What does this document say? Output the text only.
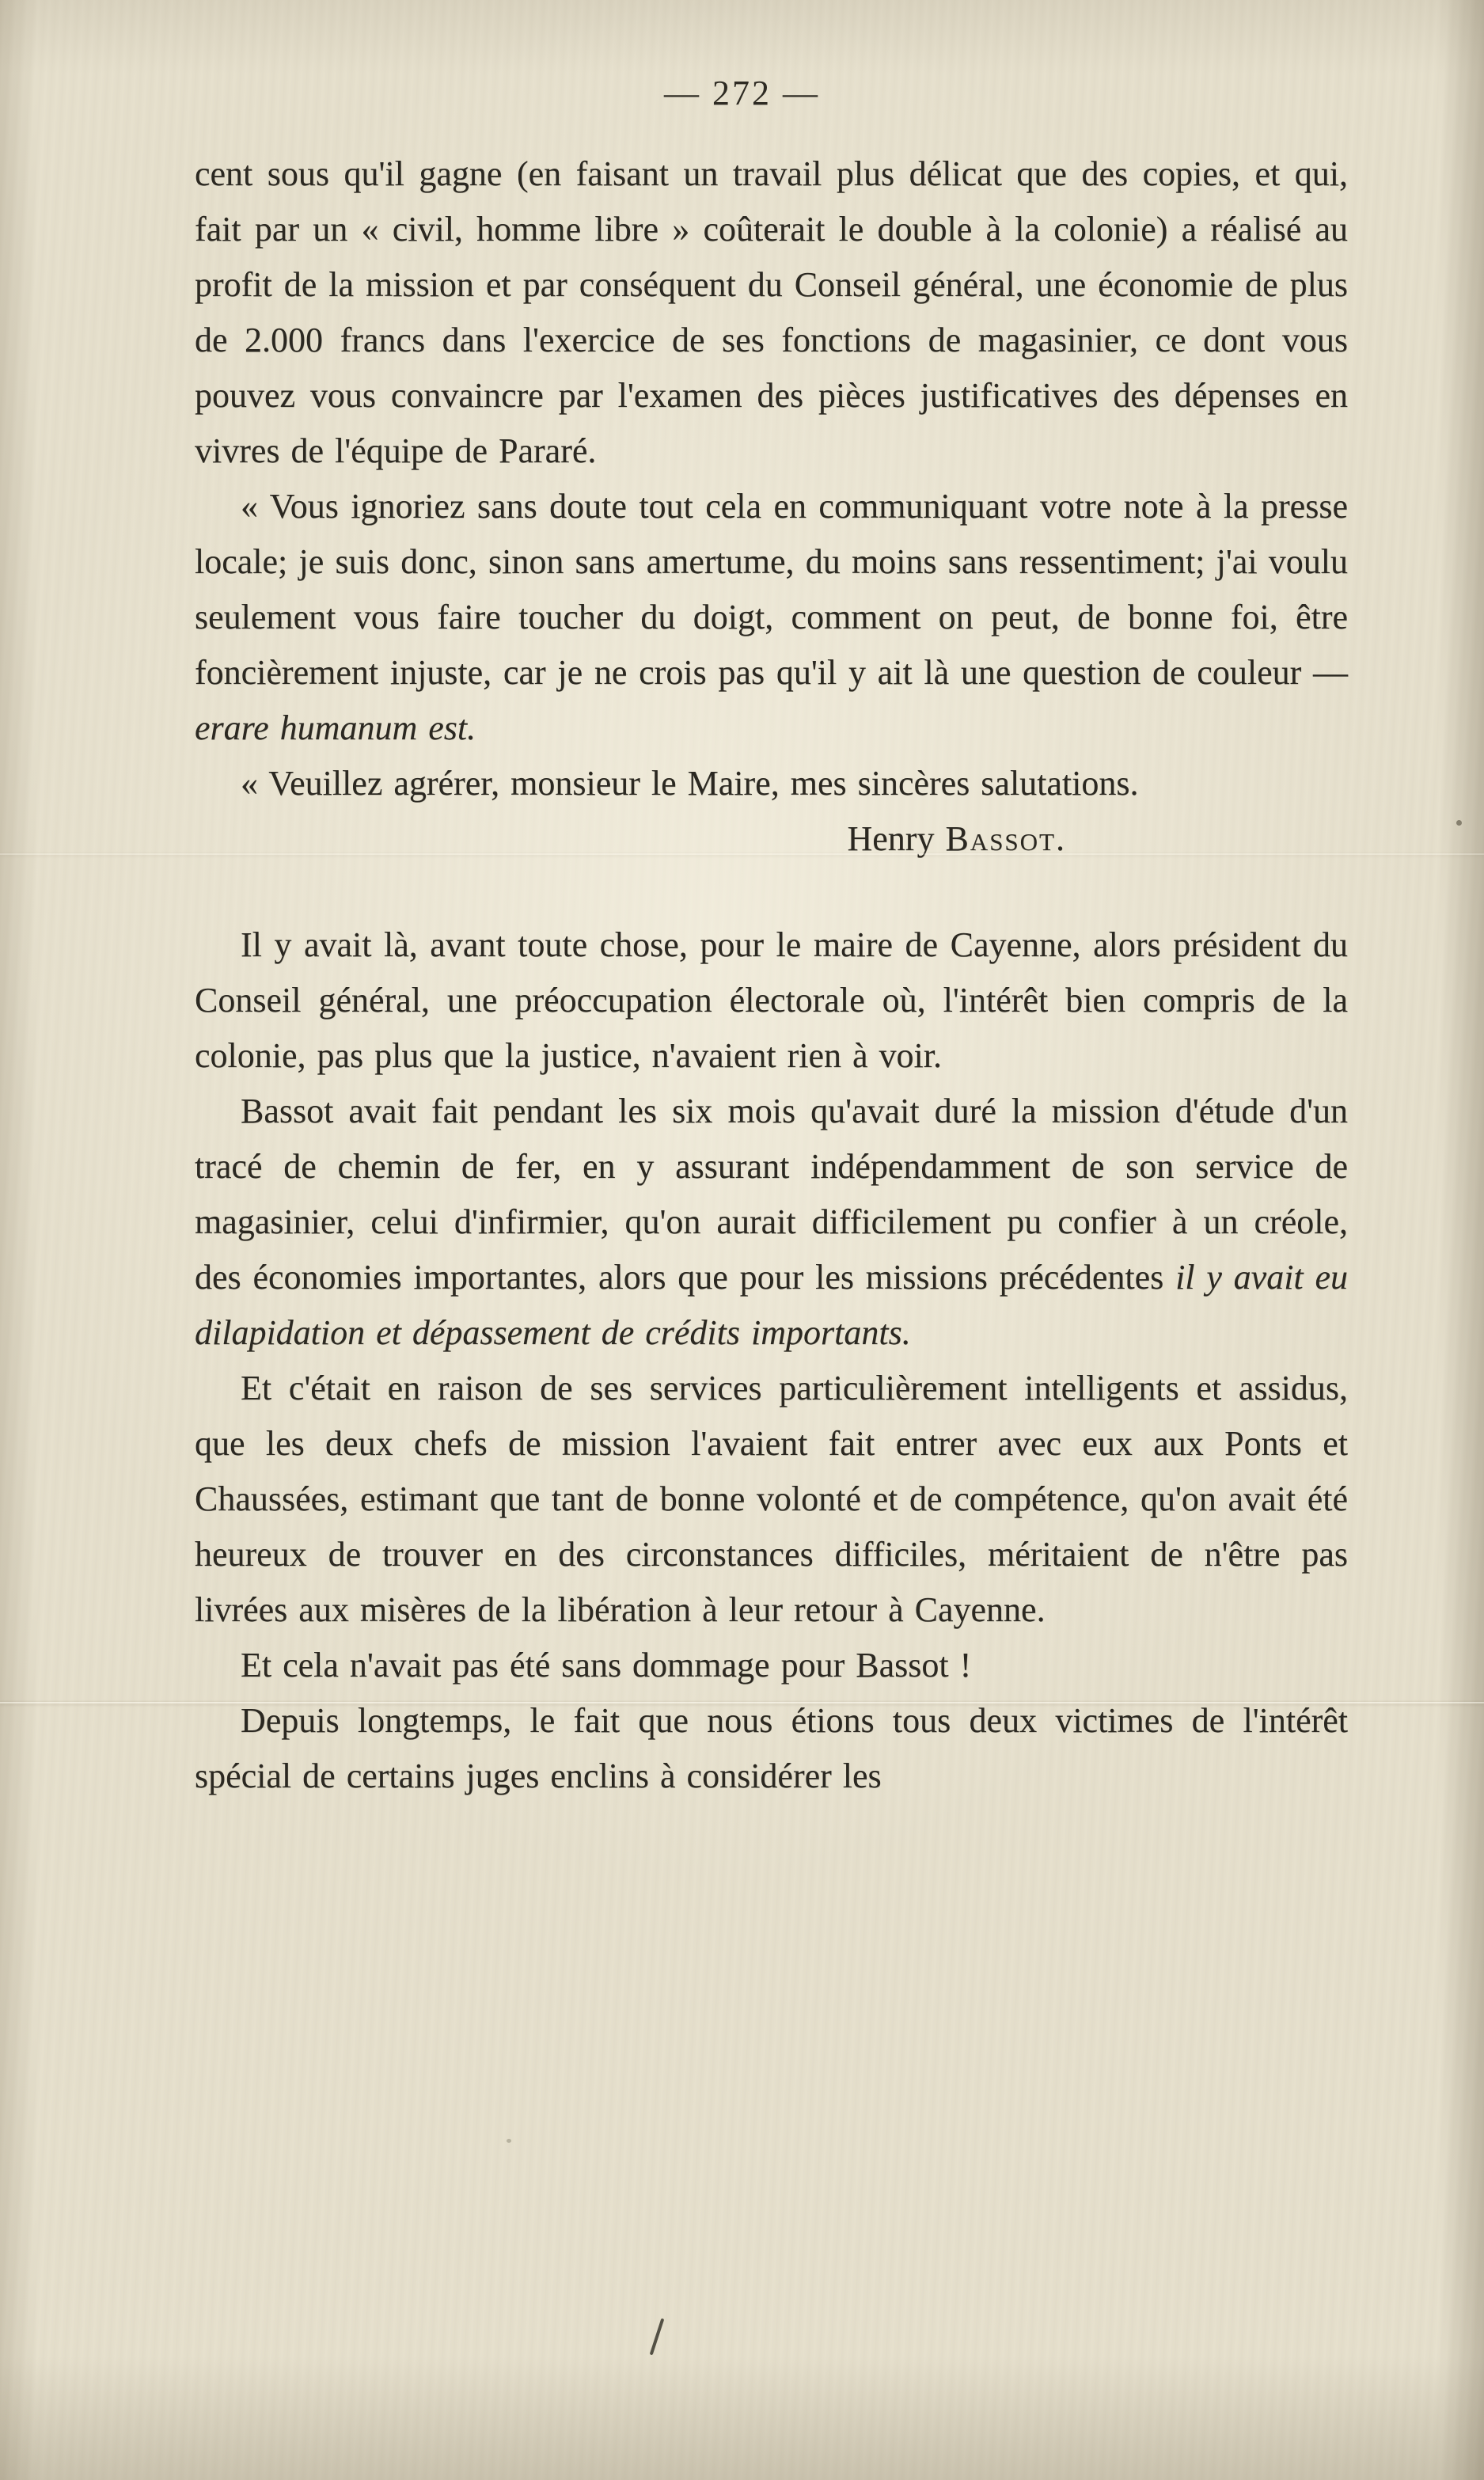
— 272 —

cent sous qu'il gagne (en faisant un travail plus délicat que des copies, et qui, fait par un « civil, homme libre » coûterait le double à la colonie) a réalisé au profit de la mission et par conséquent du Conseil général, une économie de plus de 2.000 francs dans l'exercice de ses fonctions de magasinier, ce dont vous pouvez vous convaincre par l'examen des pièces justificatives des dépenses en vivres de l'équipe de Pararé.

« Vous ignoriez sans doute tout cela en communiquant votre note à la presse locale; je suis donc, sinon sans amertume, du moins sans ressentiment; j'ai voulu seulement vous faire toucher du doigt, comment on peut, de bonne foi, être foncièrement injuste, car je ne crois pas qu'il y ait là une question de couleur — erare humanum est.

« Veuillez agrérer, monsieur le Maire, mes sincères salutations.

Henry Bassot.

Il y avait là, avant toute chose, pour le maire de Cayenne, alors président du Conseil général, une préoccupation électorale où, l'intérêt bien compris de la colonie, pas plus que la justice, n'avaient rien à voir.

Bassot avait fait pendant les six mois qu'avait duré la mission d'étude d'un tracé de chemin de fer, en y assurant indépendamment de son service de magasinier, celui d'infirmier, qu'on aurait difficilement pu confier à un créole, des économies importantes, alors que pour les missions précédentes il y avait eu dilapidation et dépassement de crédits importants.

Et c'était en raison de ses services particulièrement intelligents et assidus, que les deux chefs de mission l'avaient fait entrer avec eux aux Ponts et Chaussées, estimant que tant de bonne volonté et de compétence, qu'on avait été heureux de trouver en des circonstances difficiles, méritaient de n'être pas livrées aux misères de la libération à leur retour à Cayenne.

Et cela n'avait pas été sans dommage pour Bassot !

Depuis longtemps, le fait que nous étions tous deux victimes de l'intérêt spécial de certains juges enclins à considérer les
